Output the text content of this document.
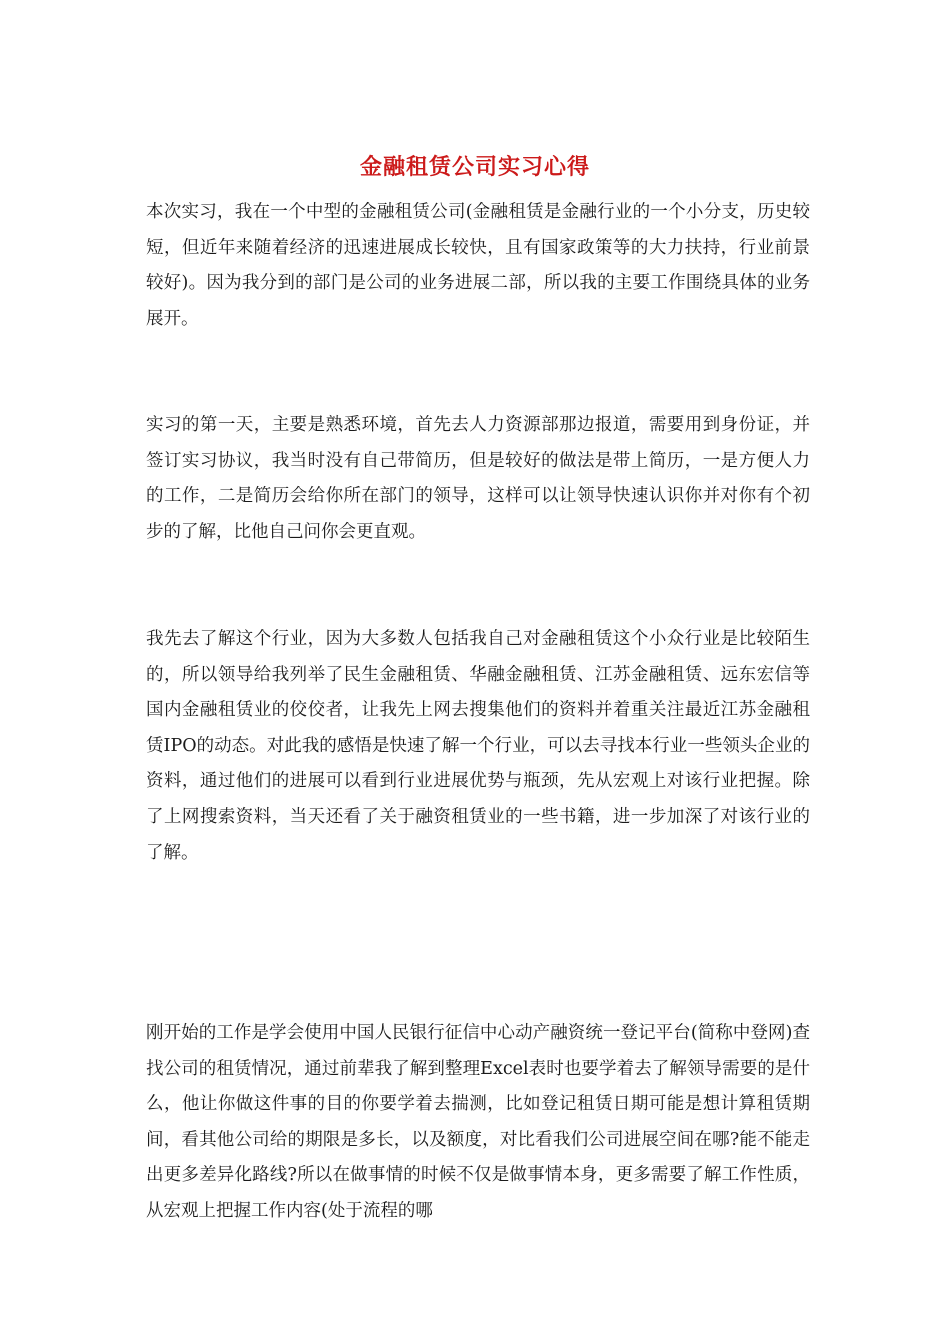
金融租赁公司实习心得

本次实习，我在一个中型的金融租赁公司(金融租赁是金融行业的一个小分支，历史较短，但近年来随着经济的迅速进展成长较快，且有国家政策等的大力扶持，行业前景较好)。因为我分到的部门是公司的业务进展二部，所以我的主要工作围绕具体的业务展开。

实习的第一天，主要是熟悉环境，首先去人力资源部那边报道，需要用到身份证，并签订实习协议，我当时没有自己带简历，但是较好的做法是带上简历，一是方便人力的工作，二是简历会给你所在部门的领导，这样可以让领导快速认识你并对你有个初步的了解，比他自己问你会更直观。

我先去了解这个行业，因为大多数人包括我自己对金融租赁这个小众行业是比较陌生的，所以领导给我列举了民生金融租赁、华融金融租赁、江苏金融租赁、远东宏信等国内金融租赁业的佼佼者，让我先上网去搜集他们的资料并着重关注最近江苏金融租赁IPO的动态。对此我的感悟是快速了解一个行业，可以去寻找本行业一些领头企业的资料，通过他们的进展可以看到行业进展优势与瓶颈，先从宏观上对该行业把握。除了上网搜索资料，当天还看了关于融资租赁业的一些书籍，进一步加深了对该行业的了解。

刚开始的工作是学会使用中国人民银行征信中心动产融资统一登记平台(简称中登网)查找公司的租赁情况，通过前辈我了解到整理Excel表时也要学着去了解领导需要的是什么，他让你做这件事的目的你要学着去揣测，比如登记租赁日期可能是想计算租赁期间，看其他公司给的期限是多长，以及额度，对比看我们公司进展空间在哪?能不能走出更多差异化路线?所以在做事情的时候不仅是做事情本身，更多需要了解工作性质，从宏观上把握工作内容(处于流程的哪
